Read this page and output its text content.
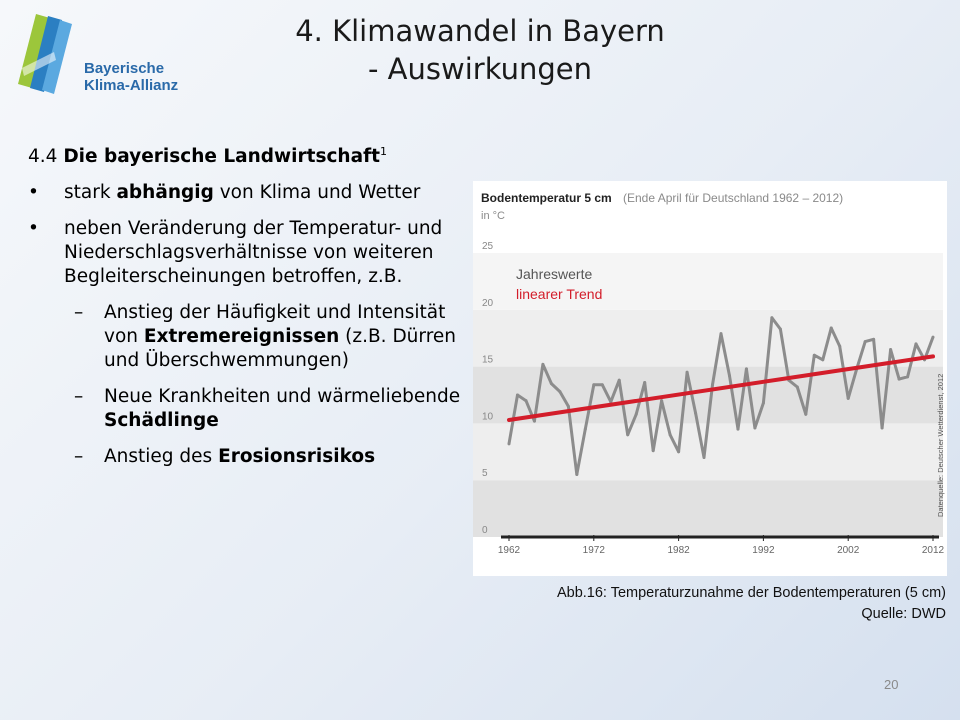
Bayerische
Klima-Allianz
4. Klimawandel in Bayern
- Auswirkungen
4.4 Die bayerische Landwirtschaft$^1$
• stark abhängig von Klima und Wetter
• neben Veränderung der Temperatur- und Niederschlagsverhältnisse von weiteren Begleiterscheinungen betroffen, z.B.
– Anstieg der Häufigkeit und Intensität von Extremereignissen (z.B. Dürren und Überschwemmungen)
– Neue Krankheiten und wärmeliebende Schädlinge
– Anstieg des Erosionsrisikos
Bodentemperatur 5 cm (Ende April für Deutschland 1962 – 2012)
in °C
Jahreswerte
linearer Trend
Datenquelle: Deutscher Wetterdienst, 2012
0
5
10
15
20
25
1962	1972	1982	1992	2002	2012
Abb.16: Temperaturzunahme der Bodentemperaturen (5 cm)
Quelle: DWD
20
